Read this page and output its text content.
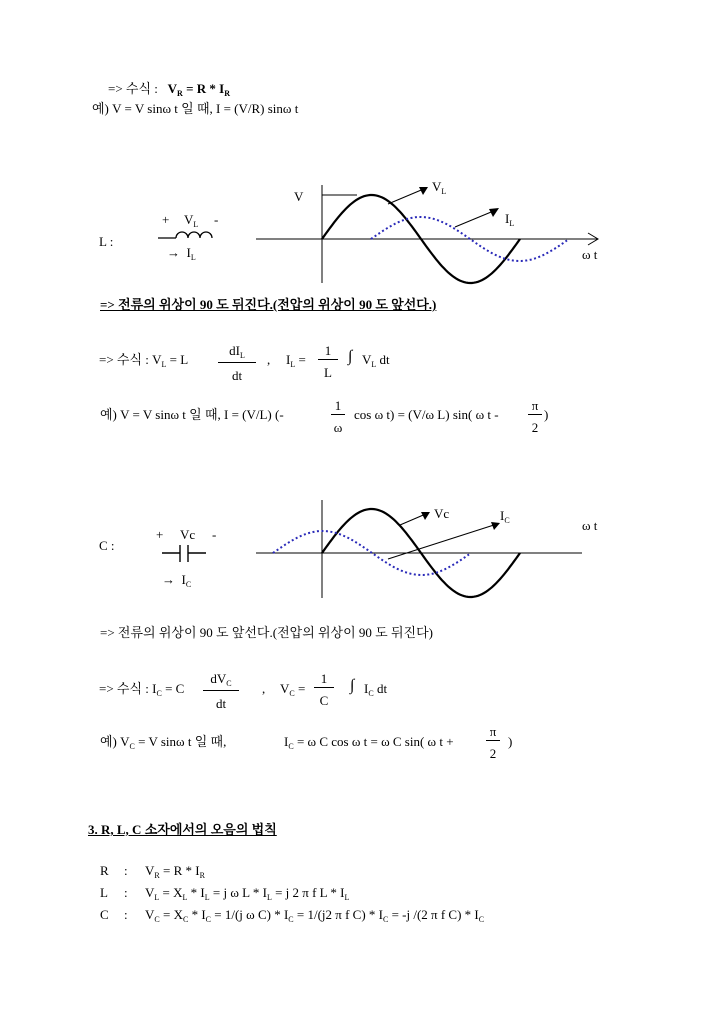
=> 수식 : $V_R = R * I_R$
예) V = V sinω t 일 때, I = (V/R) sinω t
L :
+ $V_L$ -
→ $I_L$
V
$V_L$
$I_L$
ω t
=> 전류의 위상이 90 도 뒤진다.(전압의 위상이 90 도 앞선다.)
=> 수식 : $V_L = L$
$dI_L$
dt
, $I_L = \frac{1}{L}$ ∫ $V_L$ dt
예) V = V sinω t 일 때, I = (V/L) (-	$\frac{1}{\omega}$ cos ω t) = (V/ω L) sin( ω t - $\frac{\pi}{2}$ )
C :
+ Vc -
→ $I_C$
Vc	$I_C$	ω t
=> 전류의 위상이 90 도 앞선다.(전압의 위상이 90 도 뒤진다)
=> 수식 : $I_C = C$
$dV_C$
dt
, $V_C = \frac{1}{C}$ ∫ $I_C$ dt
예) $V_C = V$ sinω t 일 때,	$I_C = \omega$ C cos ω t = ω C sin( ω $t + \frac{\pi}{2}$ )
3. R, L, C 소자에서의 오음의 법칙
R : $V_R = R * I_R$
L : $V_L = X_L * I_L = j$ ω $L * I_L = j$ 2 π f L * $I_L$
C : $V_C = X_C * I_C = 1/(j$ ω $C) * I_C = 1/(j2$ π f $C) * I_C = -j$ /(2 π f $C) * I_C$
